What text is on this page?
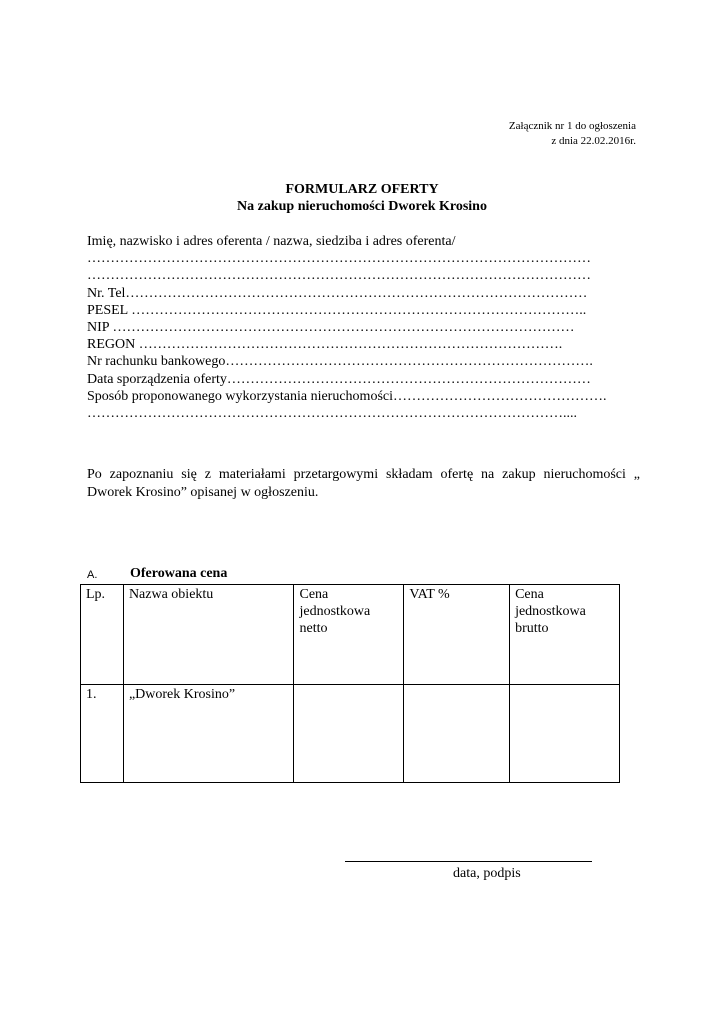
Załącznik nr 1 do ogłoszenia
z dnia 22.02.2016r.
FORMULARZ OFERTY
Na zakup nieruchomości Dworek Krosino
Imię, nazwisko i adres oferenta / nazwa, siedziba i adres oferenta/
………………………………………………………………………………………………
………………………………………………………………………………………………
Nr. Tel………………………………………………………………………………………
PESEL ……………………………………………………………………………………..
NIP ………………………………………………………………………………………
REGON ……………………………………………………………………………….
Nr rachunku bankowego…………………………………………………………………….
Data sporządzenia oferty……………………………………………………………………
Sposób proponowanego wykorzystania nieruchomości……………………………………….
…………………………………………………………………………………………....
Po zapoznaniu się z materiałami przetargowymi składam ofertę na zakup nieruchomości „ Dworek Krosino” opisanej w ogłoszeniu.
A. Oferowana cena
Lp.	Nazwa obiektu	Cena jednostkowa netto	VAT %	Cena jednostkowa brutto
1.	„Dworek Krosino”			
data, podpis
